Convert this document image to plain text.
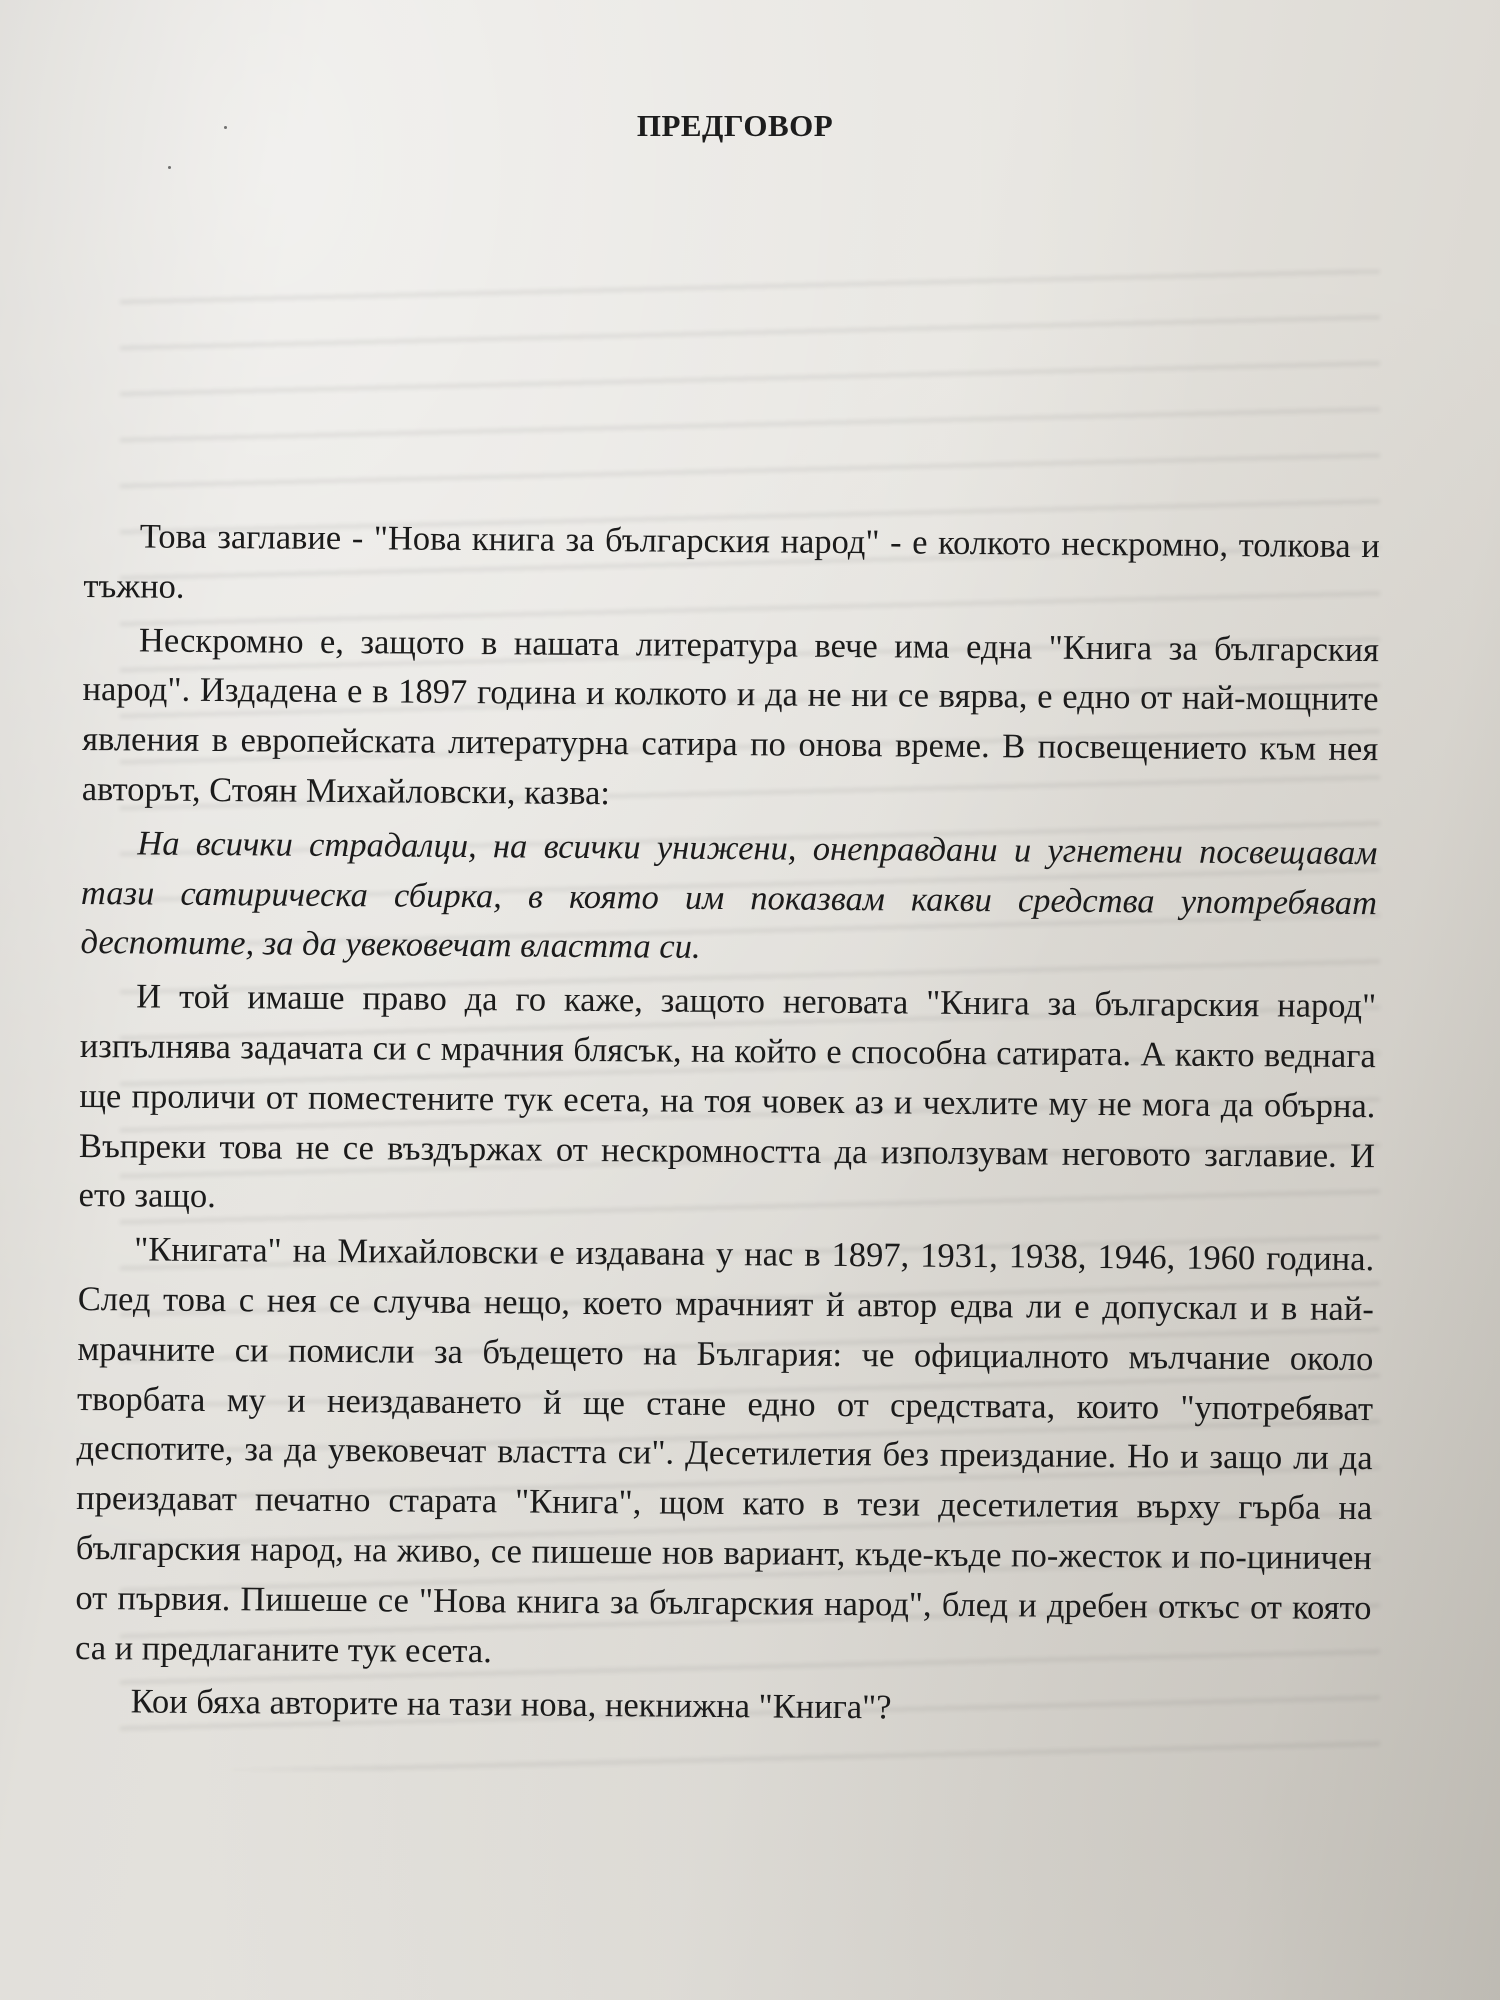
ПРЕДГОВОР

Това заглавие - "Нова книга за българския народ" - е колкото нескромно, толкова и тъжно.

Нескромно е, защото в нашата литература вече има една "Книга за българския народ". Издадена е в 1897 година и колкото и да не ни се вярва, е едно от най-мощните явления в европейската литературна сатира по онова време. В посвещението към нея авторът, Стоян Михайловски, казва:

На всички страдалци, на всички унижени, онеправдани и угнетени посвещавам тази сатирическа сбирка, в която им показвам какви средства употребяват деспотите, за да увековечат властта си.

И той имаше право да го каже, защото неговата "Книга за българския народ" изпълнява задачата си с мрачния блясък, на който е способна сатирата. А както веднага ще проличи от поместените тук есета, на тоя човек аз и чехлите му не мога да обърна. Въпреки това не се въздържах от нескромността да използувам неговото заглавие. И ето защо.

"Книгата" на Михайловски е издавана у нас в 1897, 1931, 1938, 1946, 1960 година. След това с нея се случва нещо, което мрачният й автор едва ли е допускал и в най-мрачните си помисли за бъдещето на България: че официалното мълчание около творбата му и неиздаването й ще стане едно от средствата, които "употребяват деспотите, за да увековечат властта си". Десетилетия без преиздание. Но и защо ли да преиздават печатно старата "Книга", щом като в тези десетилетия върху гърба на българския народ, на живо, се пишеше нов вариант, къде-къде по-жесток и по-циничен от първия. Пишеше се "Нова книга за българския народ", блед и дребен откъс от която са и предлаганите тук есета.

Кои бяха авторите на тази нова, некнижна "Книга"?
